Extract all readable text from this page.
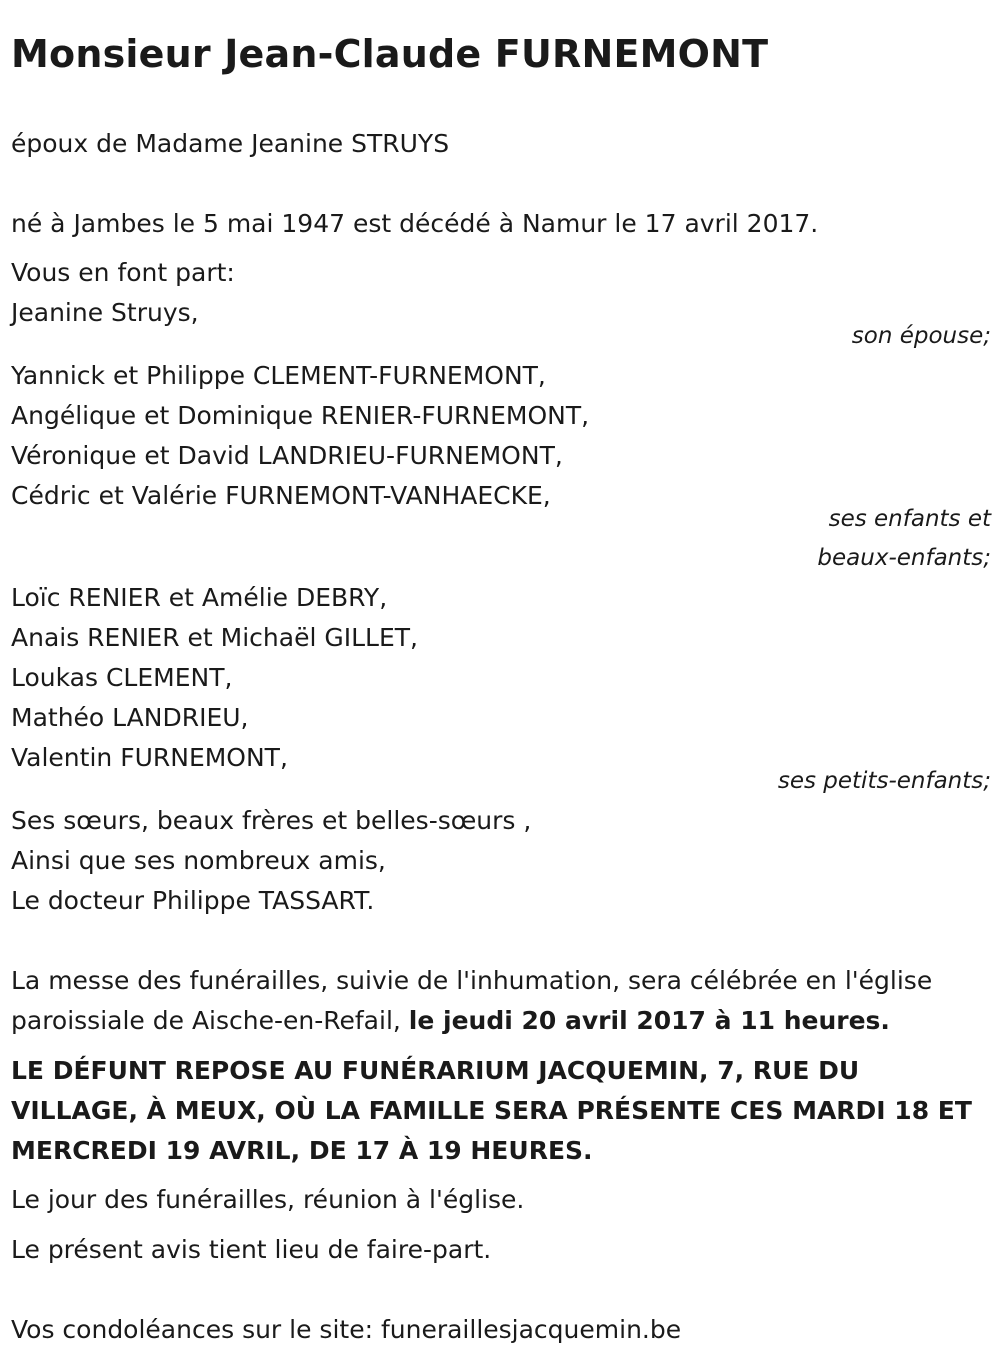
Monsieur Jean-Claude FURNEMONT
époux de Madame Jeanine STRUYS
né à Jambes le 5 mai 1947 est décédé à Namur le 17 avril 2017.
Vous en font part:
Jeanine Struys,
son épouse;
Yannick et Philippe CLEMENT-FURNEMONT,
Angélique et Dominique RENIER-FURNEMONT,
Véronique et David LANDRIEU-FURNEMONT,
Cédric et Valérie FURNEMONT-VANHAECKE,
ses enfants et
beaux-enfants;
Loïc RENIER et Amélie DEBRY,
Anais RENIER et Michaël GILLET,
Loukas CLEMENT,
Mathéo LANDRIEU,
Valentin FURNEMONT,
ses petits-enfants;
Ses sœurs, beaux frères et belles-sœurs ,
Ainsi que ses nombreux amis,
Le docteur Philippe TASSART.
La messe des funérailles, suivie de l'inhumation, sera célébrée en l'église paroissiale de Aische-en-Refail, le jeudi 20 avril 2017 à 11 heures.
LE DÉFUNT REPOSE AU FUNÉRARIUM JACQUEMIN, 7, RUE DU VILLAGE, À MEUX, OÙ LA FAMILLE SERA PRÉSENTE CES MARDI 18 ET MERCREDI 19 AVRIL, DE 17 À 19 HEURES.
Le jour des funérailles, réunion à l'église.
Le présent avis tient lieu de faire-part.
Vos condoléances sur le site: funeraillesjacquemin.be
